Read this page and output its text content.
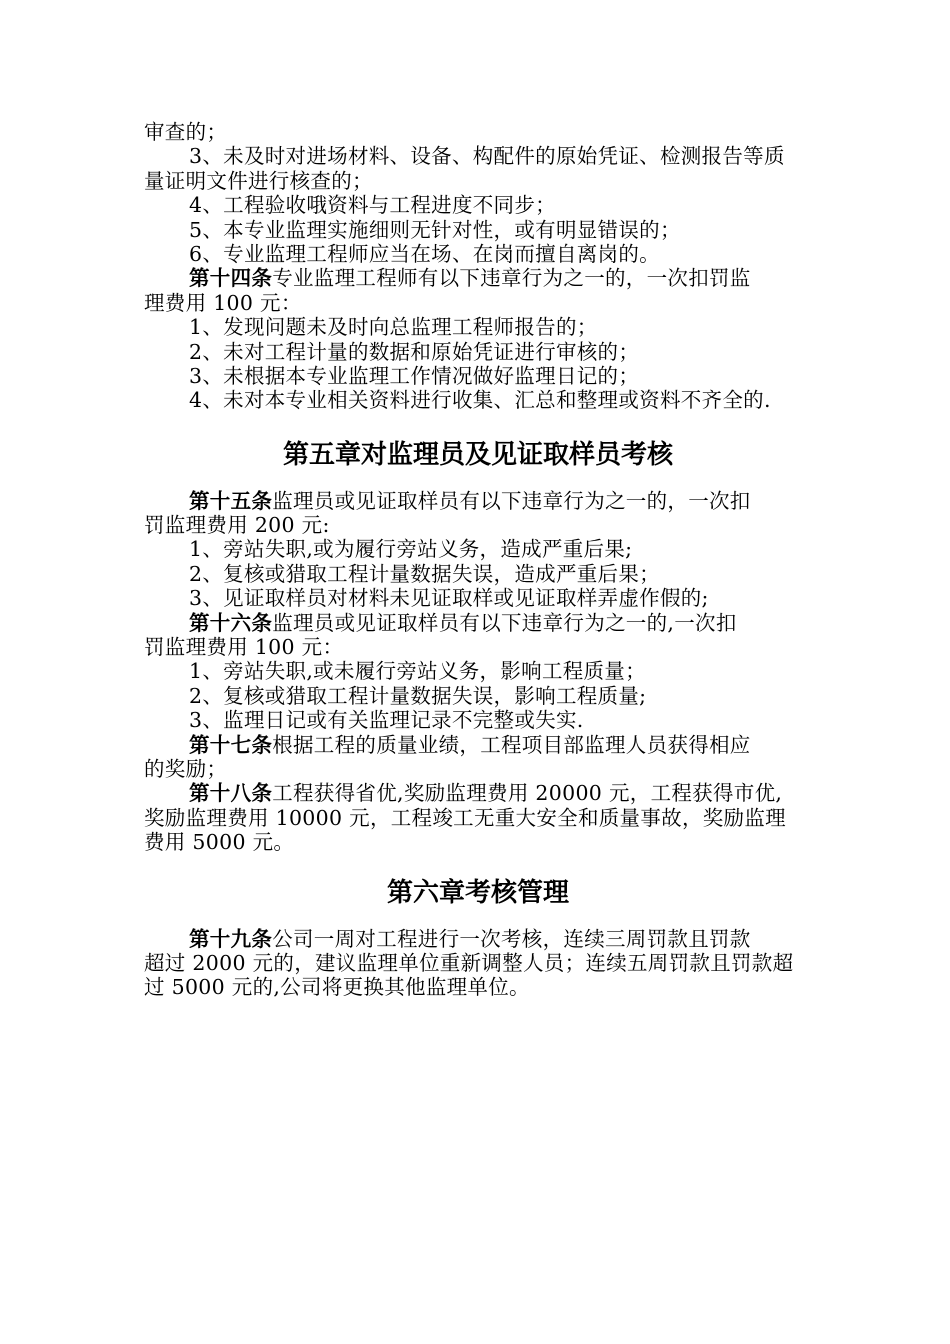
审查的；
3、未及时对进场材料、设备、构配件的原始凭证、检测报告等质
量证明文件进行核查的；
4、工程验收哦资料与工程进度不同步；
5、本专业监理实施细则无针对性，或有明显错误的；
6、专业监理工程师应当在场、在岗而擅自离岗的。
第十四条专业监理工程师有以下违章行为之一的，一次扣罚监
理费用 100 元：
1、发现问题未及时向总监理工程师报告的；
2、未对工程计量的数据和原始凭证进行审核的；
3、未根据本专业监理工作情况做好监理日记的；
4、未对本专业相关资料进行收集、汇总和整理或资料不齐全的.
第五章对监理员及见证取样员考核
第十五条监理员或见证取样员有以下违章行为之一的，一次扣
罚监理费用 200 元:
1、旁站失职,或为履行旁站义务，造成严重后果;
2、复核或猎取工程计量数据失误，造成严重后果；
3、见证取样员对材料未见证取样或见证取样弄虚作假的;
第十六条监理员或见证取样员有以下违章行为之一的,一次扣
罚监理费用 100 元：
1、旁站失职,或未履行旁站义务，影响工程质量；
2、复核或猎取工程计量数据失误，影响工程质量;
3、监理日记或有关监理记录不完整或失实.
第十七条根据工程的质量业绩，工程项目部监理人员获得相应
的奖励；
第十八条工程获得省优,奖励监理费用 20000 元，工程获得市优,
奖励监理费用 10000 元，工程竣工无重大安全和质量事故，奖励监理
费用 5000 元。
第六章考核管理
第十九条公司一周对工程进行一次考核，连续三周罚款且罚款
超过 2000 元的，建议监理单位重新调整人员；连续五周罚款且罚款超
过 5000 元的,公司将更换其他监理单位。
